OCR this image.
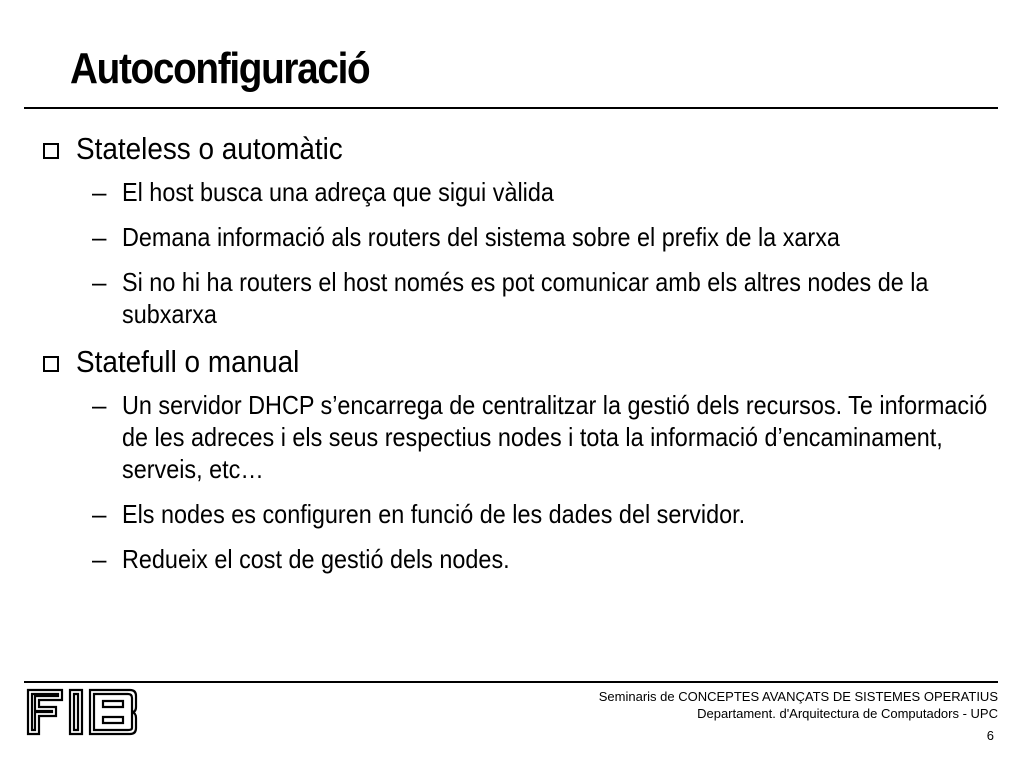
Autoconfiguració
Stateless o automàtic
– El host busca una adreça que sigui vàlida
– Demana informació als routers del sistema sobre el prefix de la xarxa
– Si no hi ha routers el host només es pot comunicar amb els altres nodes de la subxarxa
Statefull o manual
– Un servidor DHCP s’encarrega de centralitzar la gestió dels recursos. Te informació de les adreces i els seus respectius nodes i tota la informació d’encaminament, serveis, etc…
– Els nodes es configuren en funció de les dades del servidor.
– Redueix el cost de gestió dels nodes.
Seminaris de CONCEPTES AVANÇATS DE SISTEMES OPERATIUS
Departament. d'Arquitectura de Computadors - UPC
6
